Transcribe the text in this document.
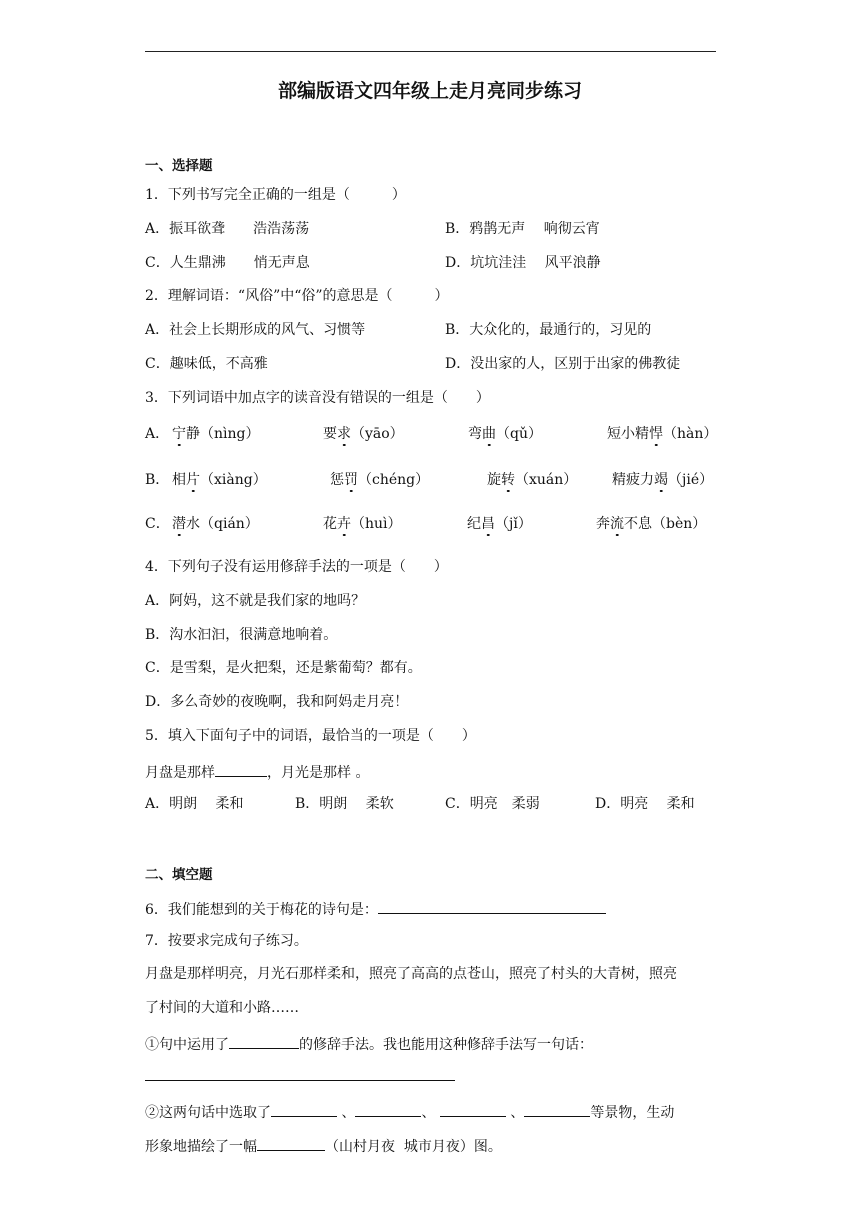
部编版语文四年级上走月亮同步练习
一、选择题
1．下列书写完全正确的一组是（　　　）
A．振耳欲聋　　浩浩荡荡	B．鸦鹊无声　 响彻云宵
C．人生鼎沸　　悄无声息	D．坑坑洼洼　 风平浪静
2．理解词语：“风俗”中“俗”的意思是（　　　）
A．社会上长期形成的风气、习惯等	B．大众化的，最通行的，习见的
C．趣味低，不高雅	D．没出家的人，区别于出家的佛教徒
3．下列词语中加点字的读音没有错误的一组是（　　）
A． 宁静（nìng）	要求（yāo）	弯曲（qǔ）	短小精悍（hàn）
B． 相片（xiàng）	惩罚（chéng）	旋转（xuán） 精疲力竭（jié）
C． 潜水（qián）	花卉（huì）	纪昌（jǐ）	奔流不息（bèn）
4．下列句子没有运用修辞手法的一项是（　　）
A．阿妈，这不就是我们家的地吗？
B．沟水汩汩，很满意地响着。
C．是雪梨，是火把梨，还是紫葡萄？都有。
D．多么奇妙的夜晚啊，我和阿妈走月亮！
5．填入下面句子中的词语，最恰当的一项是（　　）
月盘是那样	，月光是那样 。
A．明朗　 柔和	B．明朗　 柔软	C．明亮　柔弱	D．明亮　 柔和
二、填空题
6．我们能想到的关于梅花的诗句是：
7．按要求完成句子练习。
月盘是那样明亮，月光石那样柔和，照亮了高高的点苍山，照亮了村头的大青树，照亮
了村间的大道和小路……
①句中运用了	的修辞手法。我也能用这种修辞手法写一句话：
②这两句话中选取了	、	、	、	等景物，生动
形象地描绘了一幅	（山村月夜  城市月夜）图。
